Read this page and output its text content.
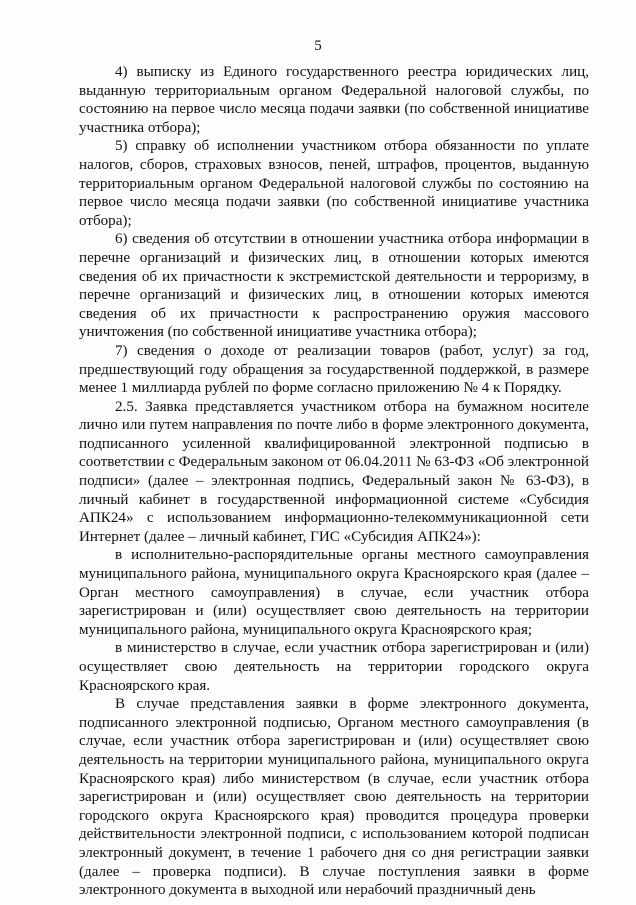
5

4) выписку из Единого государственного реестра юридических лиц, выданную территориальным органом Федеральной налоговой службы, по состоянию на первое число месяца подачи заявки (по собственной инициативе участника отбора);

5) справку об исполнении участником отбора обязанности по уплате налогов, сборов, страховых взносов, пеней, штрафов, процентов, выданную территориальным органом Федеральной налоговой службы по состоянию на первое число месяца подачи заявки (по собственной инициативе участника отбора);

6) сведения об отсутствии в отношении участника отбора информации в перечне организаций и физических лиц, в отношении которых имеются сведения об их причастности к экстремистской деятельности и терроризму, в перечне организаций и физических лиц, в отношении которых имеются сведения об их причастности к распространению оружия массового уничтожения (по собственной инициативе участника отбора);

7) сведения о доходе от реализации товаров (работ, услуг) за год, предшествующий году обращения за государственной поддержкой, в размере менее 1 миллиарда рублей по форме согласно приложению № 4 к Порядку.

2.5. Заявка представляется участником отбора на бумажном носителе лично или путем направления по почте либо в форме электронного документа, подписанного усиленной квалифицированной электронной подписью в соответствии с Федеральным законом от 06.04.2011 № 63-ФЗ «Об электронной подписи» (далее – электронная подпись, Федеральный закон № 63-ФЗ), в личный кабинет в государственной информационной системе «Субсидия АПК24» с использованием информационно-телекоммуникационной сети Интернет (далее – личный кабинет, ГИС «Субсидия АПК24»):

в исполнительно-распорядительные органы местного самоуправления муниципального района, муниципального округа Красноярского края (далее – Орган местного самоуправления) в случае, если участник отбора зарегистрирован и (или) осуществляет свою деятельность на территории муниципального района, муниципального округа Красноярского края;

в министерство в случае, если участник отбора зарегистрирован и (или) осуществляет свою деятельность на территории городского округа Красноярского края.

В случае представления заявки в форме электронного документа, подписанного электронной подписью, Органом местного самоуправления (в случае, если участник отбора зарегистрирован и (или) осуществляет свою деятельность на территории муниципального района, муниципального округа Красноярского края) либо министерством (в случае, если участник отбора зарегистрирован и (или) осуществляет свою деятельность на территории городского округа Красноярского края) проводится процедура проверки действительности электронной подписи, с использованием которой подписан электронный документ, в течение 1 рабочего дня со дня регистрации заявки (далее – проверка подписи). В случае поступления заявки в форме электронного документа в выходной или нерабочий праздничный день
